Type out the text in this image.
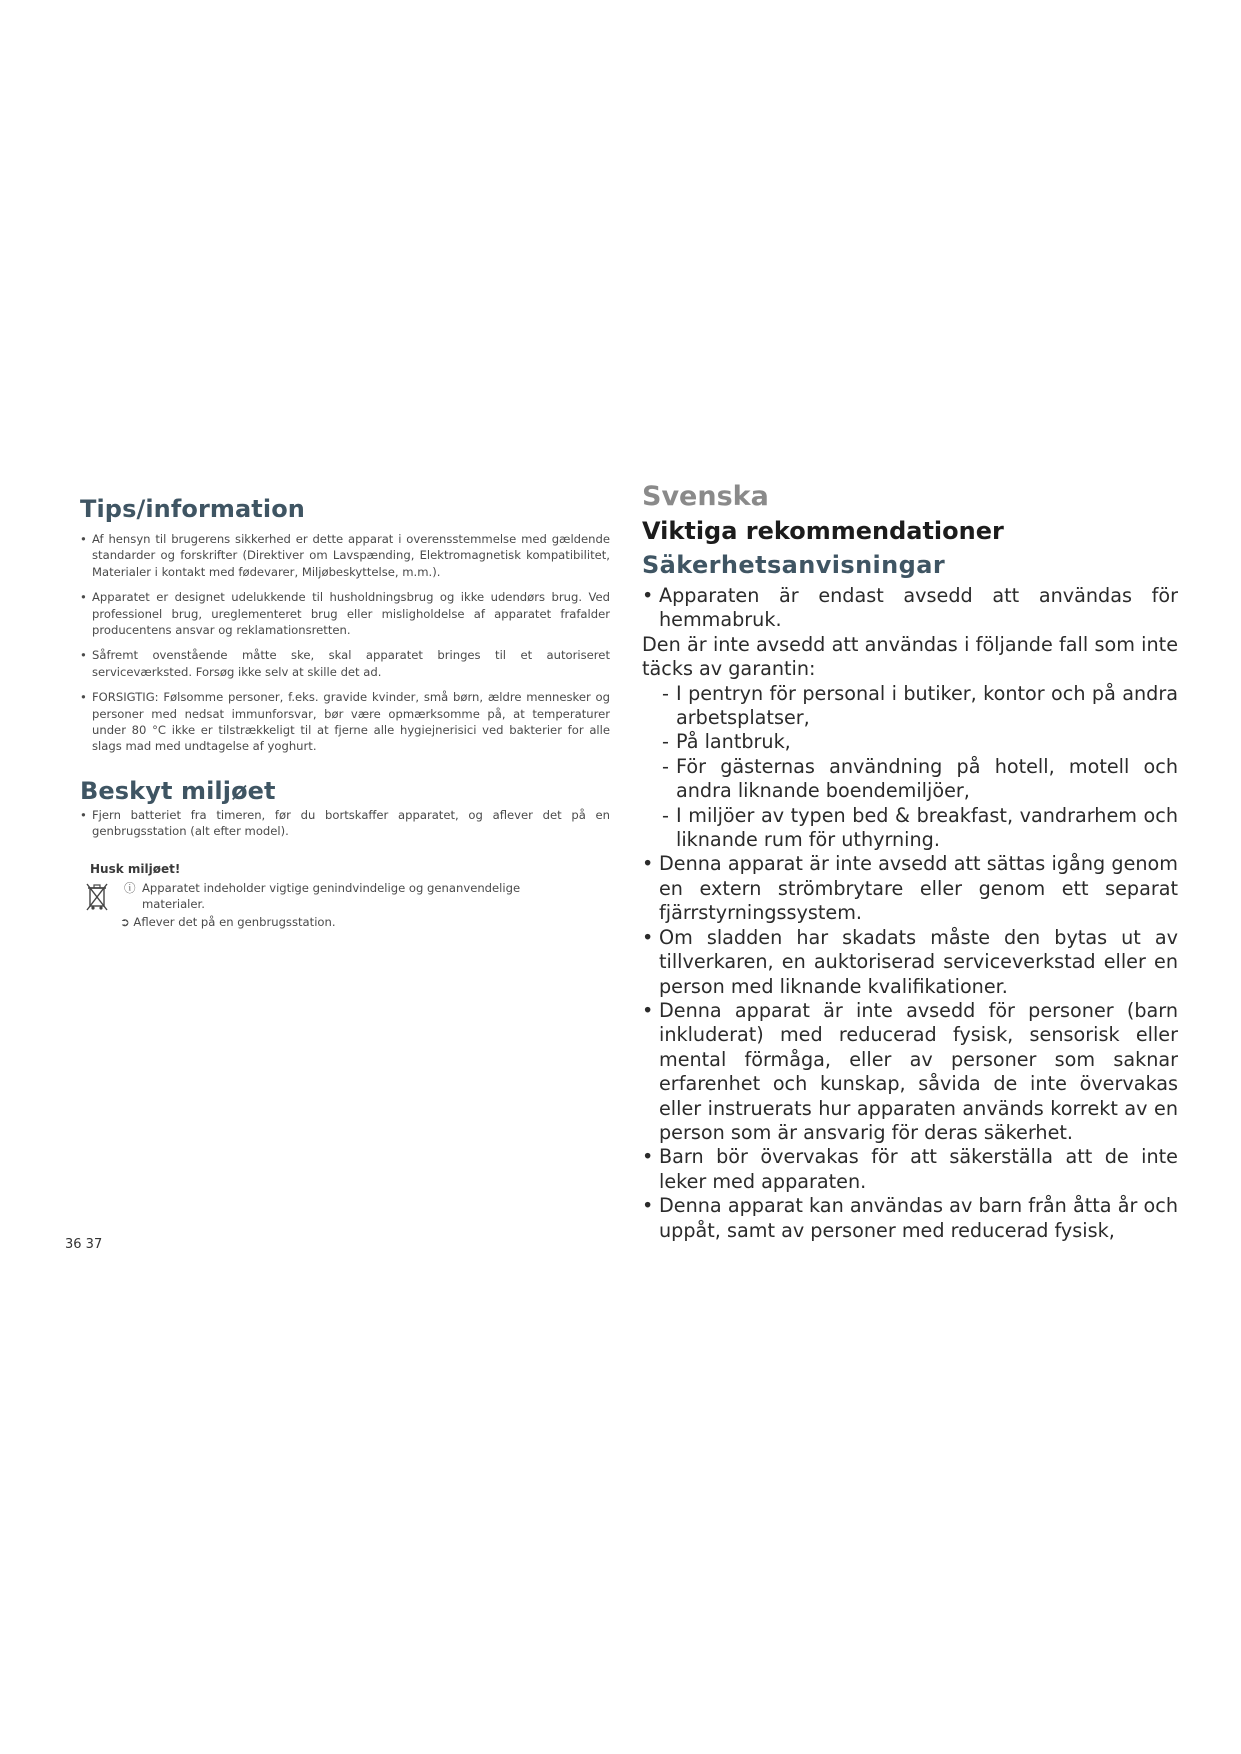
Tips/information
• Af hensyn til brugerens sikkerhed er dette apparat i overensstemmelse med gældende standarder og forskrifter (Direktiver om Lavspænding, Elektromagnetisk kompatibilitet, Materialer i kontakt med fødevarer, Miljøbeskyttelse, m.m.).
• Apparatet er designet udelukkende til husholdningsbrug og ikke udendørs brug. Ved professionel brug, ureglementeret brug eller misligholdelse af apparatet frafalder producentens ansvar og reklamationsretten.
• Såfremt ovenstående måtte ske, skal apparatet bringes til et autoriseret serviceværksted. Forsøg ikke selv at skille det ad.
• FORSIGTIG: Følsomme personer, f.eks. gravide kvinder, små børn, ældre mennesker og personer med nedsat immunforsvar, bør være opmærksomme på, at temperaturer under 80 °C ikke er tilstrækkeligt til at fjerne alle hygiejnerisici ved bakterier for alle slags mad med undtagelse af yoghurt.
Beskyt miljøet
• Fjern batteriet fra timeren, før du bortskaffer apparatet, og aflever det på en genbrugsstation (alt efter model).
Husk miljøet!
ⓘ Apparatet indeholder vigtige genindvindelige og genanvendelige
materialer.
➲ Aflever det på en genbrugsstation.
36 37
Svenska
Viktiga rekommendationer
Säkerhetsanvisningar

• Apparaten är endast avsedd att användas för hemmabruk.

Den är inte avsedd att användas i följande fall som inte täcks av garantin:

- I pentryn för personal i butiker, kontor och på andra arbetsplatser,

- På lantbruk,

- För gästernas användning på hotell, motell och andra liknande boendemiljöer,

- I miljöer av typen bed & breakfast, vandrarhem och liknande rum för uthyrning.

• Denna apparat är inte avsedd att sättas igång genom en extern strömbrytare eller genom ett separat fjärrstyrningssystem.

• Om sladden har skadats måste den bytas ut av tillverkaren, en auktoriserad serviceverkstad eller en person med liknande kvalifikationer.

• Denna apparat är inte avsedd för personer (barn inkluderat) med reducerad fysisk, sensorisk eller mental förmåga, eller av personer som saknar erfarenhet och kunskap, såvida de inte övervakas eller instruerats hur apparaten används korrekt av en person som är ansvarig för deras säkerhet.

• Barn bör övervakas för att säkerställa att de inte leker med apparaten.

• Denna apparat kan användas av barn från åtta år och uppåt, samt av personer med reducerad fysisk,
